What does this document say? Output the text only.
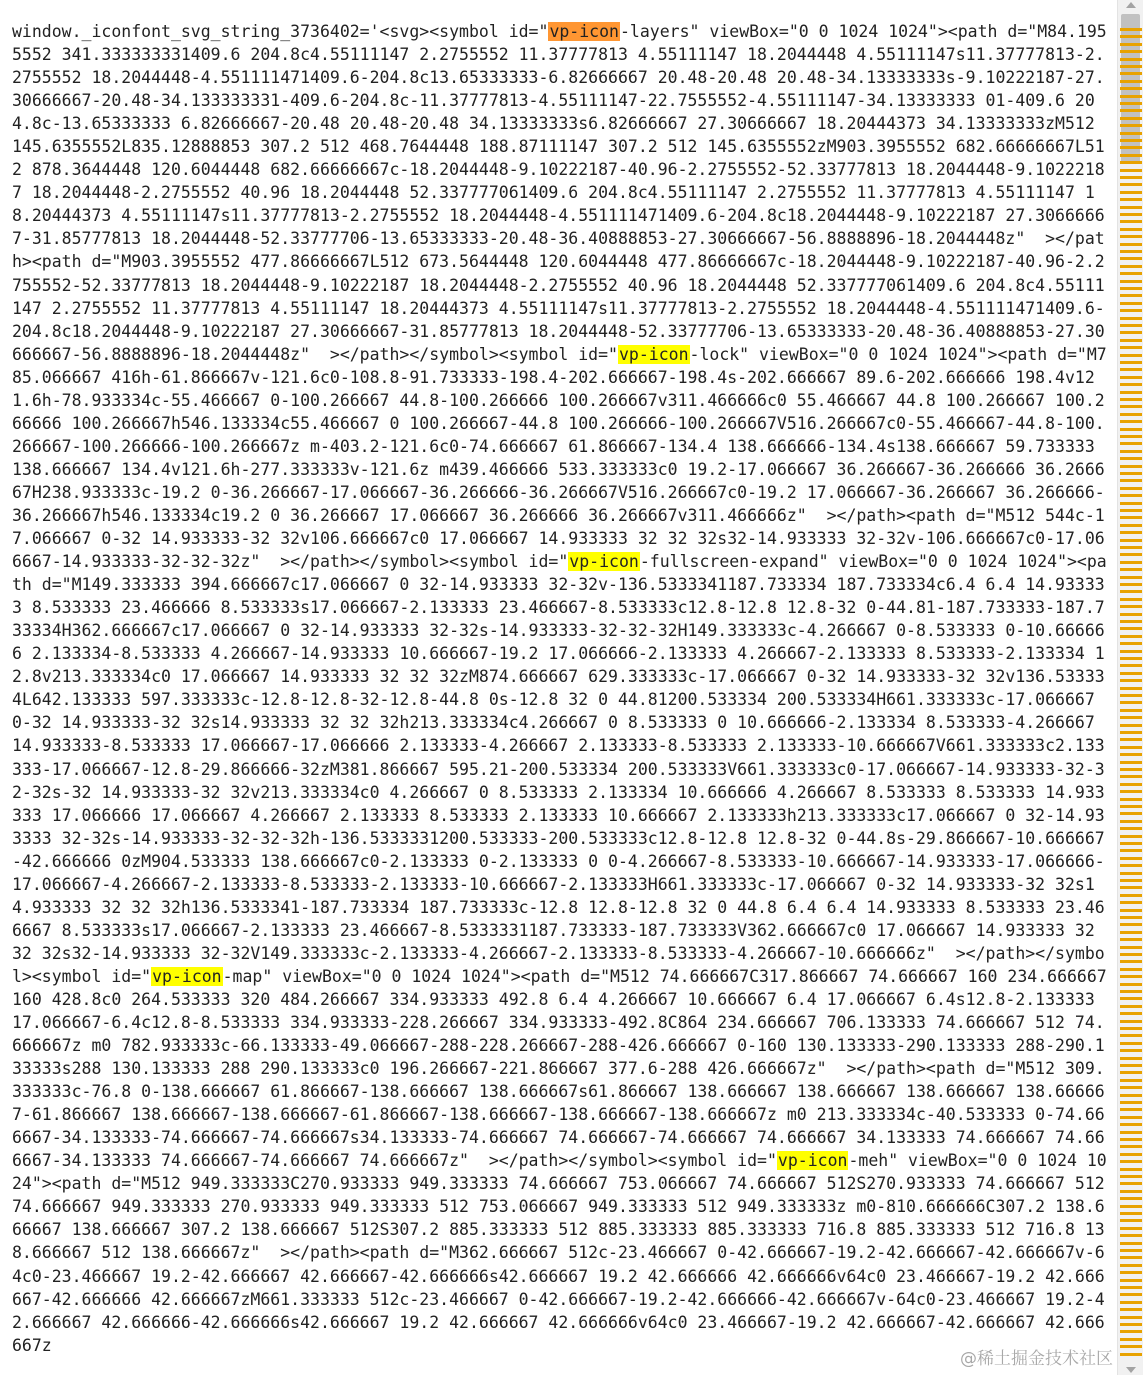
window._iconfont_svg_string_3736402='<svg><symbol id="vp-icon-layers" viewBox="0 0 1024 1024"><path d="M84.1955552 341.333333331409.6 204.8c4.55111147 2.2755552 11.37777813 4.55111147 18.2044448 4.55111147s11.37777813-2.2755552 18.2044448-4.551111471409.6-204.8c13.65333333-6.82666667 20.48-20.48 20.48-34.13333333s-9.10222187-27.30666667-20.48-34.133333331-409.6-204.8c-11.37777813-4.55111147-22.7555552-4.55111147-34.13333333 01-409.6 204.8c-13.65333333 6.82666667-20.48 20.48-20.48 34.13333333s6.82666667 27.30666667 18.20444373 34.13333333zM512 145.6355552L835.12888853 307.2 512 468.7644448 188.87111147 307.2 512 145.6355552zM903.3955552 682.66666667L512 878.3644448 120.6044448 682.66666667c-18.2044448-9.10222187-40.96-2.2755552-52.33777813 18.2044448-9.10222187 18.2044448-2.2755552 40.96 18.2044448 52.337777061409.6 204.8c4.55111147 2.2755552 11.37777813 4.55111147 18.20444373 4.55111147s11.37777813-2.2755552 18.2044448-4.551111471409.6-204.8c18.2044448-9.10222187 27.30666667-31.85777813 18.2044448-52.33777706-13.65333333-20.48-36.40888853-27.30666667-56.8888896-18.2044448z"  ></path><path d="M903.3955552 477.86666667L512 673.5644448 120.6044448 477.86666667c-18.2044448-9.10222187-40.96-2.2755552-52.33777813 18.2044448-9.10222187 18.2044448-2.2755552 40.96 18.2044448 52.337777061409.6 204.8c4.55111147 2.2755552 11.37777813 4.55111147 18.20444373 4.55111147s11.37777813-2.2755552 18.2044448-4.551111471409.6-204.8c18.2044448-9.10222187 27.30666667-31.85777813 18.2044448-52.33777706-13.65333333-20.48-36.40888853-27.30666667-56.8888896-18.2044448z"  ></path></symbol><symbol id="vp-icon-lock" viewBox="0 0 1024 1024"><path d="M785.066667 416h-61.866667v-121.6c0-108.8-91.733333-198.4-202.666667-198.4s-202.666667 89.6-202.666666 198.4v121.6h-78.933334c-55.466667 0-100.266667 44.8-100.266666 100.266667v311.466666c0 55.466667 44.8 100.266667 100.266666 100.266667h546.133334c55.466667 0 100.266667-44.8 100.266666-100.266667V516.266667c0-55.466667-44.8-100.266667-100.266666-100.266667z m-403.2-121.6c0-74.666667 61.866667-134.4 138.666666-134.4s138.666667 59.733333 138.666667 134.4v121.6h-277.333333v-121.6z m439.466666 533.333333c0 19.2-17.066667 36.266667-36.266666 36.266667H238.933333c-19.2 0-36.266667-17.066667-36.266666-36.266667V516.266667c0-19.2 17.066667-36.266667 36.266666-36.266667h546.133334c19.2 0 36.266667 17.066667 36.266666 36.266667v311.466666z"  ></path><path d="M512 544c-17.066667 0-32 14.933333-32 32v106.666667c0 17.066667 14.933333 32 32 32s32-14.933333 32-32v-106.666667c0-17.066667-14.933333-32-32-32z"  ></path></symbol><symbol id="vp-icon-fullscreen-expand" viewBox="0 0 1024 1024"><path d="M149.333333 394.666667c17.066667 0 32-14.933333 32-32v-136.5333341187.733334 187.733334c6.4 6.4 14.933333 8.533333 23.466666 8.533333s17.066667-2.133333 23.466667-8.533333c12.8-12.8 12.8-32 0-44.81-187.733333-187.733334H362.666667c17.066667 0 32-14.933333 32-32s-14.933333-32-32-32H149.333333c-4.266667 0-8.533333 0-10.666666 2.133334-8.533333 4.266667-14.933333 10.666667-19.2 17.066666-2.133333 4.266667-2.133333 8.533333-2.133334 12.8v213.333334c0 17.066667 14.933333 32 32 32zM874.666667 629.333333c-17.066667 0-32 14.933333-32 32v136.533334L642.133333 597.333333c-12.8-12.8-32-12.8-44.8 0s-12.8 32 0 44.81200.533334 200.533334H661.333333c-17.066667 0-32 14.933333-32 32s14.933333 32 32 32h213.333334c4.266667 0 8.533333 0 10.666666-2.133334 8.533333-4.266667 14.933333-8.533333 17.066667-17.066666 2.133333-4.266667 2.133333-8.533333 2.133333-10.666667V661.333333c2.133333-17.066667-12.8-29.866666-32zM381.866667 595.21-200.533334 200.533333V661.333333c0-17.066667-14.933333-32-32-32s-32 14.933333-32 32v213.333334c0 4.266667 0 8.533333 2.133334 10.666666 4.266667 8.533333 8.533333 14.933333 17.066666 17.066667 4.266667 2.133333 8.533333 2.133333 10.666667 2.133333h213.333333c17.066667 0 32-14.933333 32-32s-14.933333-32-32-32h-136.5333331200.533333-200.533333c12.8-12.8 12.8-32 0-44.8s-29.866667-10.666667-42.666666 0zM904.533333 138.666667c0-2.133333 0-2.133333 0 0-4.266667-8.533333-10.666667-14.933333-17.066666-17.066667-4.266667-2.133333-8.533333-2.133333-10.666667-2.133333H661.333333c-17.066667 0-32 14.933333-32 32s14.933333 32 32 32h136.5333341-187.733334 187.733333c-12.8 12.8-12.8 32 0 44.8 6.4 6.4 14.933333 8.533333 23.466667 8.533333s17.066667-2.133333 23.466667-8.5333331187.733333-187.733333V362.666667c0 17.066667 14.933333 32 32 32s32-14.933333 32-32V149.333333c-2.133333-4.266667-2.133333-8.533333-4.266667-10.666666z"  ></path></symbol><symbol id="vp-icon-map" viewBox="0 0 1024 1024"><path d="M512 74.666667C317.866667 74.666667 160 234.666667 160 428.8c0 264.533333 320 484.266667 334.933333 492.8 6.4 4.266667 10.666667 6.4 17.066667 6.4s12.8-2.133333 17.066667-6.4c12.8-8.533333 334.933333-228.266667 334.933333-492.8C864 234.666667 706.133333 74.666667 512 74.666667z m0 782.933333c-66.133333-49.066667-288-228.266667-288-426.666667 0-160 130.133333-290.133333 288-290.133333s288 130.133333 288 290.133333c0 196.266667-221.866667 377.6-288 426.666667z"  ></path><path d="M512 309.333333c-76.8 0-138.666667 61.866667-138.666667 138.666667s61.866667 138.666667 138.666667 138.666667 138.666667-61.866667 138.666667-138.666667-61.866667-138.666667-138.666667-138.666667z m0 213.333334c-40.533333 0-74.666667-34.133333-74.666667-74.666667s34.133333-74.666667 74.666667-74.666667 74.666667 34.133333 74.666667 74.666667-34.133333 74.666667-74.666667 74.666667z"  ></path></symbol><symbol id="vp-icon-meh" viewBox="0 0 1024 1024"><path d="M512 949.333333C270.933333 949.333333 74.666667 753.066667 74.666667 512S270.933333 74.666667 512 74.666667 949.333333 270.933333 949.333333 512 753.066667 949.333333 512 949.333333z m0-810.666666C307.2 138.666667 138.666667 307.2 138.666667 512S307.2 885.333333 512 885.333333 885.333333 716.8 885.333333 512 716.8 138.666667 512 138.666667z"  ></path><path d="M362.666667 512c-23.466667 0-42.666667-19.2-42.666667-42.666667v-64c0-23.466667 19.2-42.666667 42.666667-42.666666s42.666667 19.2 42.666666 42.666666v64c0 23.466667-19.2 42.666667-42.666666 42.666667zM661.333333 512c-23.466667 0-42.666667-19.2-42.666666-42.666667v-64c0-23.466667 19.2-42.666667 42.666666-42.666666s42.666667 19.2 42.666667 42.666666v64c0 23.466667-19.2 42.666667-42.666667 42.666667z
@稀土掘金技术社区
